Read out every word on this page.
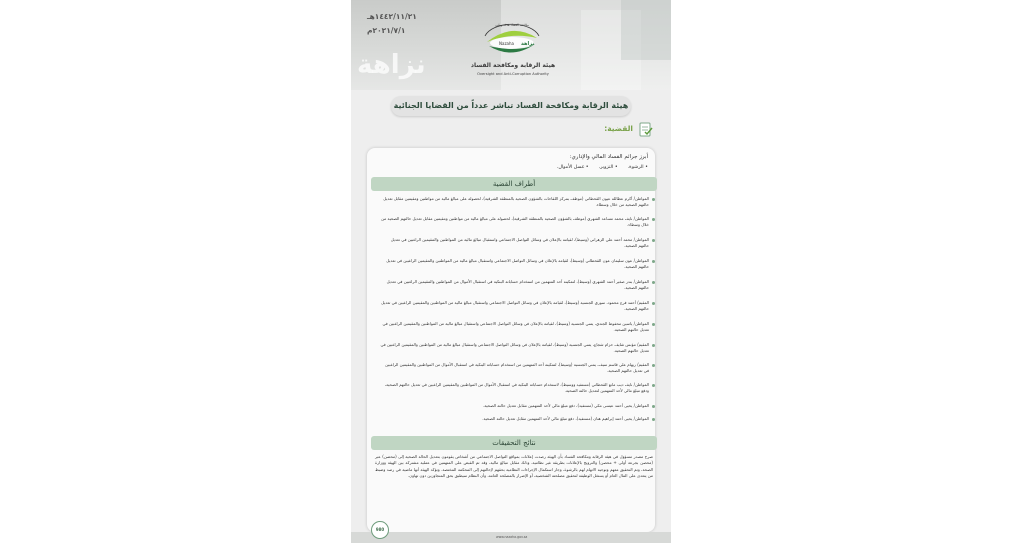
نزاهة
١٤٤٢/١١/٢١هـ
٢٠٢١/٧/١م
Nazaha نزاهة
مكافحة الفساد هدف وطني
هيئة الرقابة ومكافحة الفساد
Oversight and Anti-Corruption Authority
هيئة الرقابة ومكافحة الفساد تباشر عدداً من القضايا الجنائية
القضية:
أبرز جرائم الفساد المالي والإداري:
• الرشوة.
• التزوير.
• غسل الأموال.
أطراف القضية
المواطن/ أكرم عطالله عيون القحطاني (موظف بمركز اللقاحات بالشؤون الصحية بالمنطقة الشرقية)، لحصوله على مبالغ مالية من مواطنين ومقيمين مقابل تعديل حالتهم الصحية من خلال وسطاء.
المواطن/ نايف محمد مساعد الشهري (موظف بالشؤون الصحية بالمنطقة الشرقية)، لحصوله على مبالغ مالية من مواطنين ومقيمين مقابل تعديل حالتهم الصحية من خلال وسطاء.
المواطن/ محمد أحمد علي الزهراني (وسيط)، لقيامه بالإعلان في وسائل التواصل الاجتماعي واستقبال مبالغ مالية من المواطنين والمقيمين الراغبين في تعديل حالتهم الصحية.
المواطن/ عون سليمان عون القحطاني (وسيط)، لقيامه بالإعلان في وسائل التواصل الاجتماعي واستقبال مبالغ مالية من المواطنين والمقيمين الراغبين في تعديل حالتهم الصحية.
المواطن/ بندر صغير أحمد الشهري (وسيط)، لتمكينه أحد المتهمين من استخدام حساباته البنكية في استقبال الأموال من المواطنين والمقيمين الراغبين في تعديل حالتهم الصحية.
المقيم/ أحمد فرج محمود، سوري الجنسية (وسيط)، لقيامه بالإعلان في وسائل التواصل الاجتماعي واستقبال مبالغ مالية من المواطنين والمقيمين الراغبين في تعديل حالتهم الصحية.
المواطن/ ياسين محفوظ الجندي، يمني الجنسية (وسيط)، لقيامه بالإعلان في وسائل التواصل الاجتماعي واستقبال مبالغ مالية من المواطنين والمقيمين الراغبين في تعديل حالتهم الصحية.
المقيم/ مؤنس شايف حزام شجاع، يمني الجنسية (وسيط)، لقيامه بالإعلان في وسائل التواصل الاجتماعي واستقبال مبالغ مالية من المواطنين والمقيمين الراغبين في تعديل حالتهم الصحية.
المقيم/ ريهام علي قاسم سيف، يمني الجنسية (وسيط)، لتمكينه أحد المتهمين من استخدام حساباته البنكية في استقبال الأموال من المواطنين والمقيمين الراغبين في تعديل حالتهم الصحية.
المواطن/ نايف ديب مانع القحطاني (مستفيد ووسيط)، لاستخدام حساباته البنكية في استقبال الأموال من المواطنين والمقيمين الراغبين في تعديل حالتهم الصحية، ودفع مبلغ مالي لأحد المتهمين لتعديل حالته الصحية.
المواطن/ يحيى أحمد عيسى مكي (مستفيد)، دفع مبلغ مالي لأحد المتهمين مقابل تعديل حالته الصحية.
المواطن/ يحيى أحمد إبراهيم هتان (مستفيد)، دفع مبلغ مالي لأحد المتهمين مقابل تعديل حالته الصحية.
نتائج التحقيقات
صرح مصدر مسؤول في هيئة الرقابة ومكافحة الفساد بأن الهيئة رصدت إعلانات بمواقع التواصل الاجتماعي من أشخاص يقومون بتعديل الحالة الصحية إلى (محصن) عبر (محصن بجرعة أولى + محصن) والترويج بالإعلانات بطريقة غير نظامية، وذلك مقابل مبالغ مالية، وقد تم القبض على المتهمين في عملية مشتركة بين الهيئة ووزارة الصحة، وتم التحقيق معهم وتوجيه الاتهام لهم بالرشوة، وجار استكمال الإجراءات النظامية بحقهم لإحالتهم إلى المحكمة المختصة. وتؤكد الهيئة أنها ماضية في رصد وضبط من يتعدى على المال العام أو يستغل الوظيفة لتحقيق مصلحته الشخصية، أو الإضرار بالمصلحة العامة، وأن النظام سيطبق بحق المتجاوزين دون تهاون.
980
www.nazaha.gov.sa
